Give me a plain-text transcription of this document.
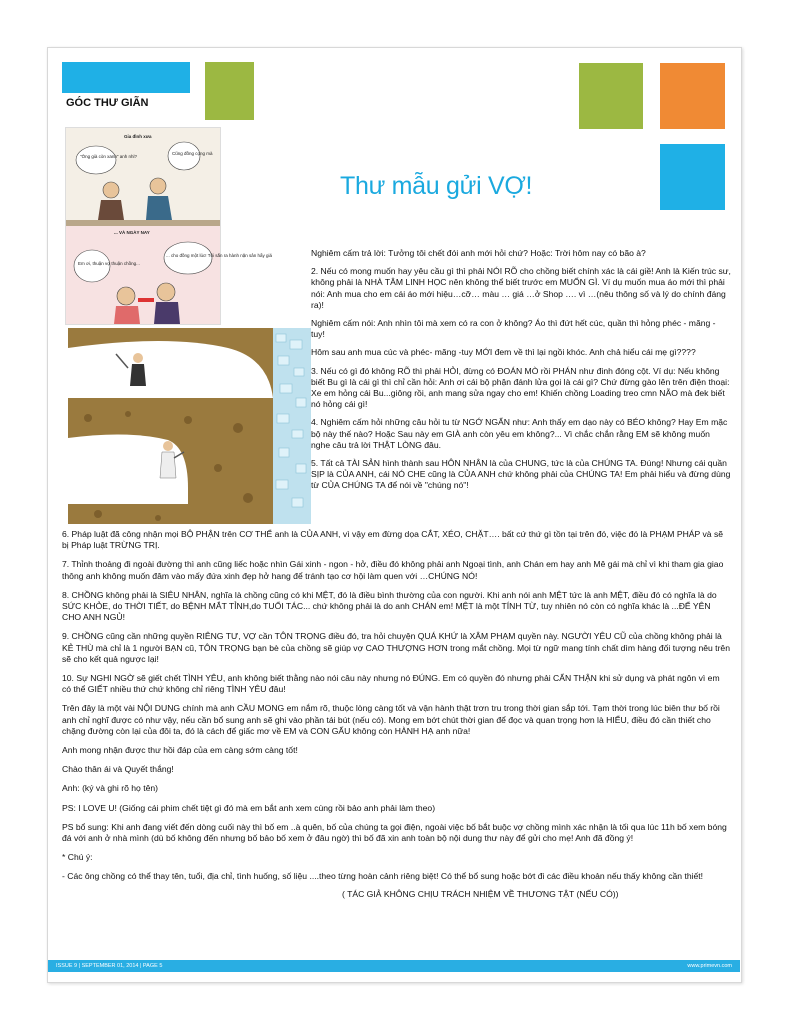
GÓC THƯ GIÃN
Thư mẫu gửi VỢ!
Gia đình xưa
"Ông già còn xanh" anh nhỉ?
Cũng đồng cọng mà
... VÀ NGÀY NAY
Em ơi, thuận vợ thuận chồng...
... cho đồng một lúc! Tôi sắn ra hành nặn sân hẩy giá	Nghiêm cấm trả lời: Tưởng tôi chết đói anh mới hỏi chứ? Hoặc: Trời hôm nay có bão à?

2. Nếu có mong muốn hay yêu cầu gì thì phải NÓI RÕ cho chồng biết chính xác là cái giề! Anh là Kiến trúc sư, không phải là NHÀ TÂM LINH HỌC nên không thể biết trước em MUỐN GÌ. Ví dụ muốn mua áo mới thì phải nói: Anh mua cho em cái áo mới hiệu…cỡ… màu … giá …ở Shop …. vì …(nêu thông số và lý do chính đáng ra)!

Nghiêm cấm nói: Anh nhìn tôi mà xem có ra con ở không? Áo thì đứt hết cúc, quần thì hỏng phéc - măng - tuy!

Hôm sau anh mua cúc và phéc- măng -tuy MỚI đem về thì lại ngồi khóc. Anh chả hiểu cái mẹ gì????

3. Nếu có gì đó không RÕ thì phải HỎI, đừng có ĐOÁN MÒ rồi PHÁN như đinh đóng cột. Ví dụ: Nếu không biết Bu gì là cái gì thì chỉ cần hỏi: Anh ơi cái bộ phận đánh lửa gọi là cái gì? Chứ đừng gào lên trên điện thoại: Xe em hỏng cái Bu...giông rồi, anh mang sửa ngay cho em! Khiến chồng Loading treo cmn NÃO mà đek biết nó hỏng cái gì!

4. Nghiêm cấm hỏi những câu hỏi tu từ NGỚ NGẨN như: Anh thấy em dạo này có BÉO không? Hay Em mặc bộ này thế nào? Hoặc Sau này em GIÀ anh còn yêu em không?... Vì chắc chắn rằng EM sẽ không muốn nghe câu trả lời THẬT LÒNG đâu.

5. Tất cả TÀI SẢN hình thành sau HÔN NHÂN là của CHUNG, tức là của CHÚNG TA. Đúng! Nhưng cái quần SỊP là CỦA ANH, cái NÓ CHE cũng là CỦA ANH chứ không phải của CHÚNG TA! Em phải hiểu và đừng dùng từ CỦA CHÚNG TA để nói về "chúng nó"!

6. Pháp luật đã công nhận mọi BỘ PHẬN trên CƠ THỂ anh là CỦA ANH, vì vậy em đừng dọa CẮT, XÉO, CHẶT…. bất cứ thứ gì tồn tại trên đó, việc đó là PHẠM PHÁP và sẽ bị Pháp luật TRỪNG TRỊ.

7. Thỉnh thoảng đi ngoài đường thì anh cũng liếc hoặc nhìn Gái xinh - ngon - hở, điều đó không phải anh Ngoại tình, anh Chán em hay anh Mê gái mà chỉ vì khi tham gia giao thông anh không muốn đâm vào mấy đứa xinh đẹp hở hang để tránh tạo cơ hội làm quen với …CHÚNG NÓ!

8. CHỒNG không phải là SIÊU NHÂN, nghĩa là chồng cũng có khi MỆT, đó là điều bình thường của con người. Khi anh nói anh MỆT tức là anh MỆT, điều đó có nghĩa là do SỨC KHỎE, do THỜI TIẾT, do BỆNH MẮT TỈNH,do TUỔI TÁC... chứ không phải là do anh CHÁN em! MỆT là một TÍNH TỪ, tuy nhiên nó còn có nghĩa khác là ...ĐỂ YÊN CHO ANH NGỦ!

9. CHỒNG cũng cần những quyền RIÊNG TƯ, VỢ cần TÔN TRỌNG điều đó, tra hỏi chuyện QUÁ KHỨ là XÂM PHẠM quyền này. NGƯỜI YÊU CŨ của chồng không phải là KẺ THÙ mà chỉ là 1 người BẠN cũ, TÔN TRỌNG bạn bè của chồng sẽ giúp vợ CAO THƯỢNG HƠN trong mắt chồng. Mọi từ ngữ mang tính chất dìm hàng đối tượng nêu trên sẽ cho kết quả ngược lại!

10. Sự NGHI NGỜ sẽ giết chết TÌNH YÊU, anh không biết thằng nào nói câu này nhưng nó ĐÚNG. Em có quyền đó nhưng phải CẨN THẬN khi sử dụng và phát ngôn vì em có thể GIẾT nhiều thứ chứ không chỉ riêng TÌNH YÊU đâu!

Trên đây là một vài NỘI DUNG chính mà anh CẦU MONG em nắm rõ, thuộc lòng càng tốt và vận hành thật trơn tru trong thời gian sắp tới. Tạm thời trong lúc biên thư bố rồi anh chỉ nghĩ được có như vậy, nếu cần bổ sung anh sẽ ghi vào phần tái bút (nếu có). Mong em bớt chút thời gian để đọc và quan trọng hơn là HIỂU, điều đó cần thiết cho chặng đường còn lại của đôi ta, đó là cách để giấc mơ về EM và CON GẤU không còn HÀNH HẠ anh nữa!

Anh mong nhận được thư hồi đáp của em càng sớm càng tốt!

Chào thân ái và Quyết thắng!

Anh: (ký và ghi rõ họ tên)

PS: I LOVE U! (Giống cái phim chết tiệt gì đó mà em bắt anh xem cùng rồi bảo anh phải làm theo)

PS bổ sung: Khi anh đang viết đến dòng cuối này thì bố em ..à quên, bố của chúng ta gọi điện, ngoài việc bố bắt buộc vợ chồng mình xác nhận là tối qua lúc 11h bố xem bóng đá với anh ở nhà mình (dù bố không đến nhưng bố bảo bố xem ở đâu ngờ) thì bố đã xin anh toàn bộ nội dung thư này để gửi cho mẹ! Anh đã đồng ý!

* Chú ý:

- Các ông chồng có thể thay tên, tuổi, địa chỉ, tình huống, số liệu ....theo từng hoàn cảnh riêng biệt! Có thể bổ sung hoặc bớt đi các điều khoản nếu thấy không cần thiết!

( TÁC GIẢ KHÔNG CHỊU TRÁCH NHIỆM VỀ THƯƠNG TẬT (NẾU CÓ))

ISSUE 9 | SEPTEMBER 01, 2014 | PAGE 5	www.primevn.com
